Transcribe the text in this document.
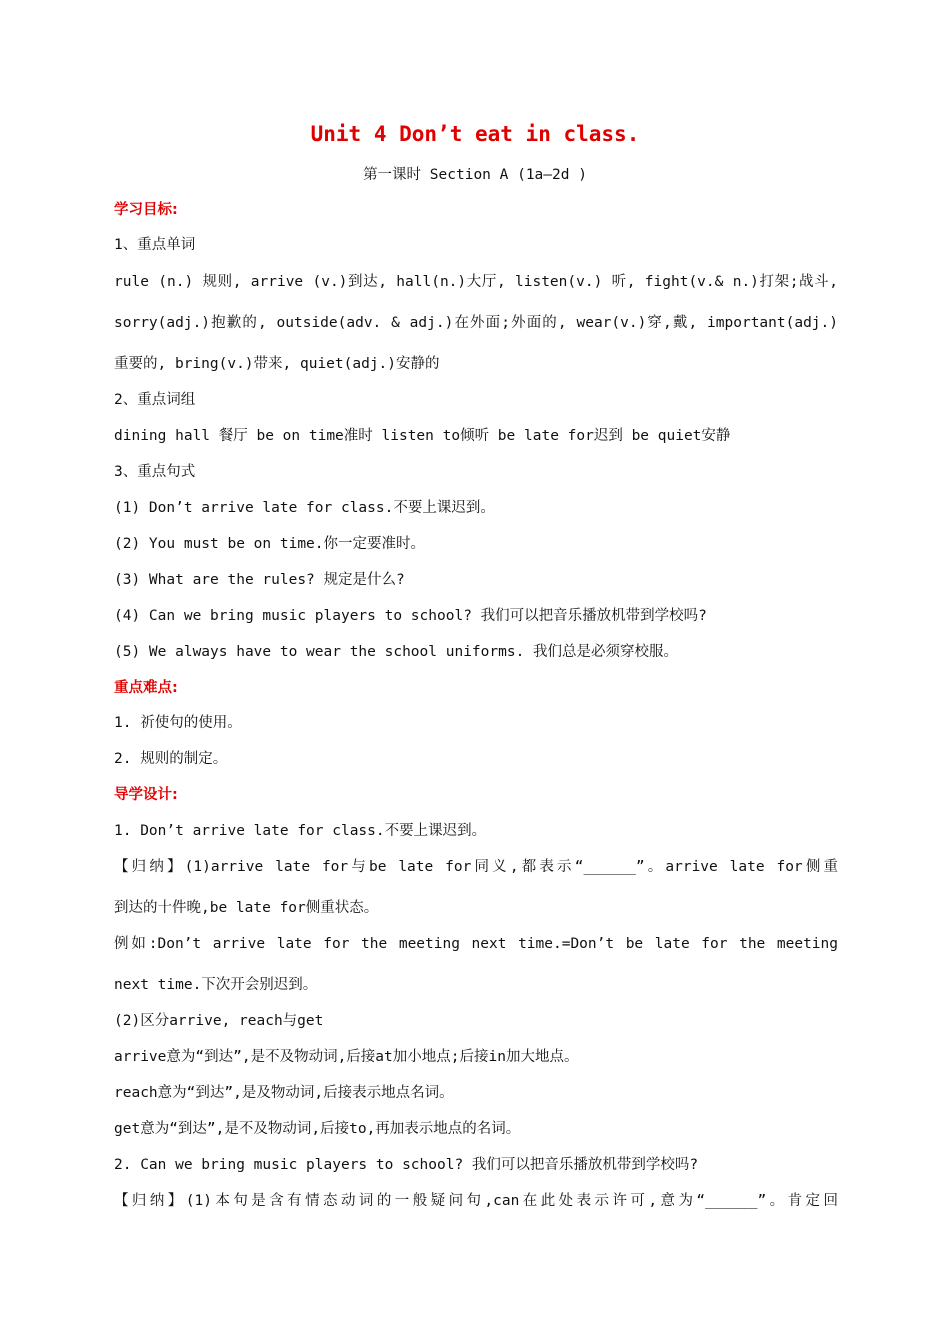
Unit 4 Don’t eat in class.
第一课时 Section A (1a—2d )
学习目标:
1、重点单词
rule (n.) 规则, arrive (v.)到达, hall(n.)大厅, listen(v.) 听, fight(v.& n.)打架;战斗,
sorry(adj.)抱歉的, outside(adv. & adj.)在外面;外面的, wear(v.)穿,戴, important(adj.)
重要的, bring(v.)带来, quiet(adj.)安静的
2、重点词组
dining hall 餐厅 be on time准时 listen to倾听 be late for迟到 be quiet安静
3、重点句式
(1) Don’t arrive late for class.不要上课迟到。
(2) You must be on time.你一定要准时。
(3) What are the rules? 规定是什么?
(4) Can we bring music players to school? 我们可以把音乐播放机带到学校吗?
(5) We always have to wear the school uniforms. 我们总是必须穿校服。
重点难点:
1. 祈使句的使用。
2. 规则的制定。
导学设计:
1. Don’t arrive late for class.不要上课迟到。
【归纳】(1)arrive late for与be late for同义,都表示“______”。arrive late for侧重
到达的十件晚,be late for侧重状态。
例如:Don’t arrive late for the meeting next time.=Don’t be late for the meeting
next time.下次开会别迟到。
(2)区分arrive, reach与get
arrive意为“到达”,是不及物动词,后接at加小地点;后接in加大地点。
reach意为“到达”,是及物动词,后接表示地点名词。
get意为“到达”,是不及物动词,后接to,再加表示地点的名词。
2. Can we bring music players to school? 我们可以把音乐播放机带到学校吗?
【归纳】(1)本句是含有情态动词的一般疑问句,can在此处表示许可,意为“______”。肯定回
